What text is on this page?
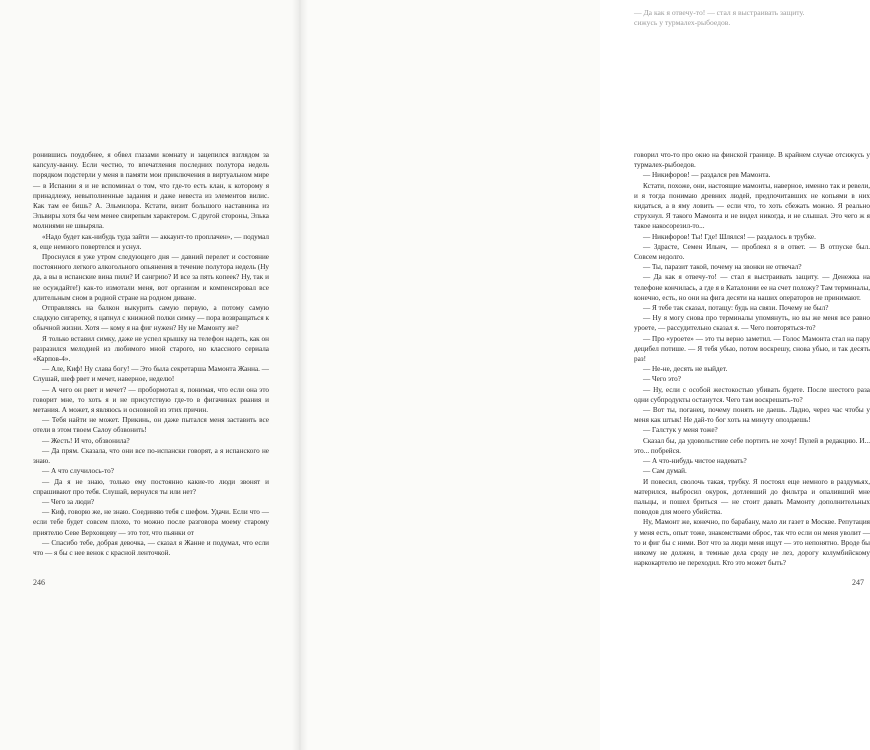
ронившись поудобнее, я обвел глазами комнату и зацепился взглядом за капсулу-ванну. Если честно, то впечатления последних полутора недель порядком подстерли у меня в памяти мои приключения в виртуальном мире — в Испании я и не вспоминал о том, что где-то есть клан, к которому я принадлежу, невыполненные задания и даже невеста из элементов вилис. Как там ее бишь? А. Эльмилора. Кстати, визит большого наставника из Эльвиры хотя бы чем менее свирепым характером. С другой стороны, Элька молниями не швыряла.

«Надо будет как-нибудь туда зайти — аккаунт-то проплачен», — подумал я, еще немного повертелся и уснул.

Проснулся я уже утром следующего дня — давний перелет и состояние постоянного легкого алкогольного опьянения в течение полутора недель (Ну да, а вы в испанские вина пили? И сангрию? И все за пять копеек? Ну, так и не осуждайте!) как-то измотали меня, вот организм и компенсировал все длительным сном в родной стране на родном диване.

Отправляясь на балкон выкурить самую первую, а потому самую сладкую сигаретку, я цапнул с книжной полки симку — пора возвращаться к обычной жизни. Хотя — кому я на фиг нужен? Ну не Мамонту же?

Я только вставил симку, даже не успел крышку на телефон надеть, как он разразился мелодией из любимого мной старого, но классного сериала «Карпов-4».

— Але, Киф! Ну слава богу! — Это была секретарша Мамонта Жанна. — Слушай, шеф рвет и мечет, наверное, неделю!

— А чего он рвет и мечет? — пробормотал я, понимая, что если она это говорит мне, то хоть я и не присутствую где-то в фигачинах рвания и метания. А может, я являюсь и основной из этих причин.

— Тебя найти не может. Прикинь, он даже пытался меня заставить все отели в этом твоем Салоу обзвонить!

— Жесть! И что, обзвонила?

— Да прям. Сказала, что они все по-испански говорят, а я испанского не знаю.

— А что случилось-то?

— Да я не знаю, только ему постоянно какие-то люди звонят и спрашивают про тебя. Слушай, вернулся ты или нет?

— Чего за люди?

— Киф, говорю же, не знаю. Соединяю тебя с шефом. Удачи. Если что — если тебе будет совсем плохо, то можно после разговора моему старому приятелю Севе Верховцеву — это тот, что пьянки от

— Спасибо тебе, добрая девочка, — сказал я Жанне и подумал, что если что — я бы с нее венок с красной ленточкой.

246
— Да как я отвечу-то! — стал я выстраивать защиту.
сижусь у турмалех-рыбоедов.

говорил что-то про окно на финской границе. В крайнем случае отсижусь у турмалех-рыбоедов.

— Никифоров! — раздался рев Мамонта.

Кстати, похоже, они, настоящие мамонты, наверное, именно так и ревели, и я тогда понимаю древних людей, предпочитавших не копьями в них кидаться, а в яму ловить — если что, то хоть сбежать можно. Я реально струхнул. Я такого Мамонта и не видел никогда, и не слышал. Это чего ж я такое накосорезил-то...

— Никифоров! Ты! Где! Шлялся! — раздалось в трубке.

— Здрасте, Семен Ильич, — проблеял я в ответ. — В отпуске был. Совсем недолго.

— Ты, паразит такой, почему на звонки не отвечал?

— Да как я отвечу-то! — стал я выстраивать защиту. — Денежка на телефоне кончилась, а где я в Каталонии ее на счет положу? Там терминалы, конечно, есть, но они на фига десяти на наших операторов не принимают.

— Я тебе так сказал, потащу: будь на связи. Почему не был?

— Ну я могу снова про терминалы упомянуть, но вы же меня все равно уроете, — рассудительно сказал я. — Чего повторяться-то?

— Про «уроете» — это ты верно заметил. — Голос Мамонта стал на пару децибел потише. — Я тебя убью, потом воскрешу, снова убью, и так десять раз!

— Не-не, десять не выйдет.

— Чего это?

— Ну, если с особой жестокостью убивать будете. После шестого раза одни субпродукты останутся. Чего там воскрешать-то?

— Вот ты, поганец, почему понять не даешь. Ладно, через час чтобы у меня как штык! Не дай-то бог хоть на минуту опоздаешь!

— Галстук у меня тоже?

Сказал бы, да удовольствие себе портить не хочу! Пулей в редакцию. И... это... побрейся.

— А что-нибудь чистое надевать?

— Сам думай.

И повесил, сволочь такая, трубку. Я постоял еще немного в раздумьях, матерился, выбросил окурок, дотлевший до фильтра и опаливший мне пальцы, и пошел бриться — не стоит давать Мамонту дополнительных поводов для моего убийства.

Ну, Мамонт же, конечно, по барабану, мало ли газет в Москве. Репутация у меня есть, опыт тоже, знакомствами оброс, так что если он меня уволит — то и фиг бы с ними. Вот что за люди меня ищут — это непонятно. Вроде бы никому не должен, в темные дела сроду не лез, дорогу колумбийскому наркокартелю не переходил. Кто это может быть?

247
